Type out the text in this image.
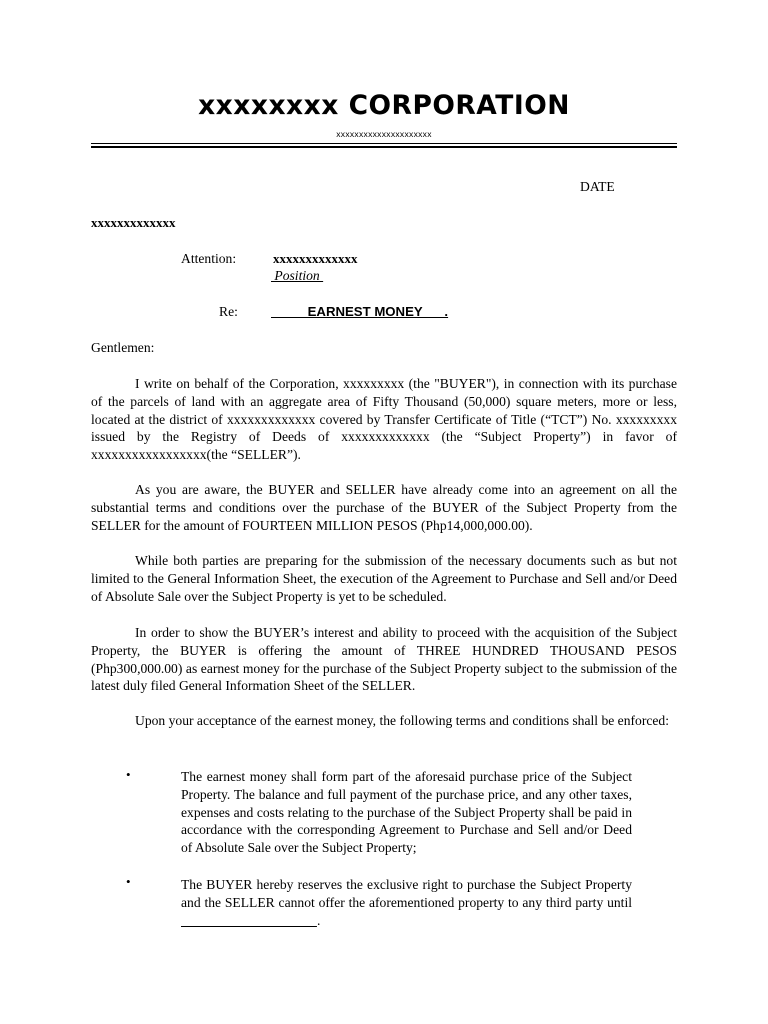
xxxxxxxx CORPORATION
xxxxxxxxxxxxxxxxxxxxx
DATE
xxxxxxxxxxxxx
Attention:	xxxxxxxxxxxxx
Position
Re:	EARNEST MONEY      .
Gentlemen:
I write on behalf of the Corporation, xxxxxxxxx (the "BUYER"), in connection with its purchase of the parcels of land with an aggregate area of Fifty Thousand (50,000) square meters, more or less, located at the district of xxxxxxxxxxxxx covered by Transfer Certificate of Title (“TCT”) No. xxxxxxxxx issued by the Registry of Deeds of xxxxxxxxxxxxx (the “Subject Property”) in favor of xxxxxxxxxxxxxxxxx(the “SELLER”).
As you are aware, the BUYER and SELLER have already come into an agreement on all the substantial terms and conditions over the purchase of the BUYER of the Subject Property from the SELLER for the amount of FOURTEEN MILLION PESOS (Php14,000,000.00).
While both parties are preparing for the submission of the necessary documents such as but not limited to the General Information Sheet, the execution of the Agreement to Purchase and Sell and/or Deed of Absolute Sale over the Subject Property is yet to be scheduled.
In order to show the BUYER’s interest and ability to proceed with the acquisition of the Subject Property, the BUYER is offering the amount of THREE HUNDRED THOUSAND PESOS (Php300,000.00) as earnest money for the purchase of the Subject Property subject to the submission of the latest duly filed General Information Sheet of the SELLER.
Upon your acceptance of the earnest money, the following terms and conditions shall be enforced:
•	The earnest money shall form part of the aforesaid purchase price of the Subject Property. The balance and full payment of the purchase price, and any other taxes, expenses and costs relating to the purchase of the Subject Property shall be paid in accordance with the corresponding Agreement to Purchase and Sell and/or Deed of Absolute Sale over the Subject Property;
•	The BUYER hereby reserves the exclusive right to purchase the Subject Property and the SELLER cannot offer the aforementioned property to any third party until                                         .
